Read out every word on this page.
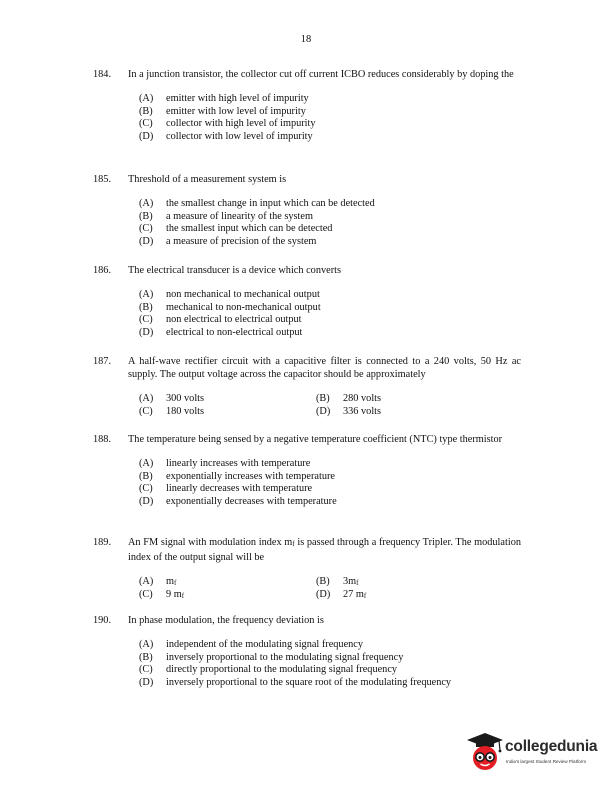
18
184. In a junction transistor, the collector cut off current ICBO reduces considerably by doping the
(A)	emitter with high level of impurity
(B)	emitter with low level of impurity
(C)	collector with high level of impurity
(D)	collector with low level of impurity
185. Threshold of a measurement system is
(A)	the smallest change in input which can be detected
(B)	a measure of linearity of the system
(C)	the smallest input which can be detected
(D)	a measure of precision of the system
186. The electrical transducer is a device which converts
(A)	non mechanical to mechanical output
(B)	mechanical to non-mechanical output
(C)	non electrical to electrical output
(D)	electrical to non-electrical output
187. A half-wave rectifier circuit with a capacitive filter is connected to a 240 volts, 50 Hz ac supply. The output voltage across the capacitor should be approximately
(A)	300 volts	(B)	280 volts
(C)	180 volts	(D)	336 volts
188. The temperature being sensed by a negative temperature coefficient (NTC) type thermistor
(A)	linearly increases with temperature
(B)	exponentially increases with temperature
(C)	linearly decreases with temperature
(D)	exponentially decreases with temperature
189. An FM signal with modulation index $m_f$ is passed through a frequency Tripler. The modulation index of the output signal will be
(A)	$m_f$	(B)	$3m_f$
(C)	9 $m_f$	(D)	27 $m_f$
190. In phase modulation, the frequency deviation is
(A)	independent of the modulating signal frequency
(B)	inversely proportional to the modulating signal frequency
(C)	directly proportional to the modulating signal frequency
(D)	inversely proportional to the square root of the modulating frequency
collegedunia
India's largest Student Review Platform
